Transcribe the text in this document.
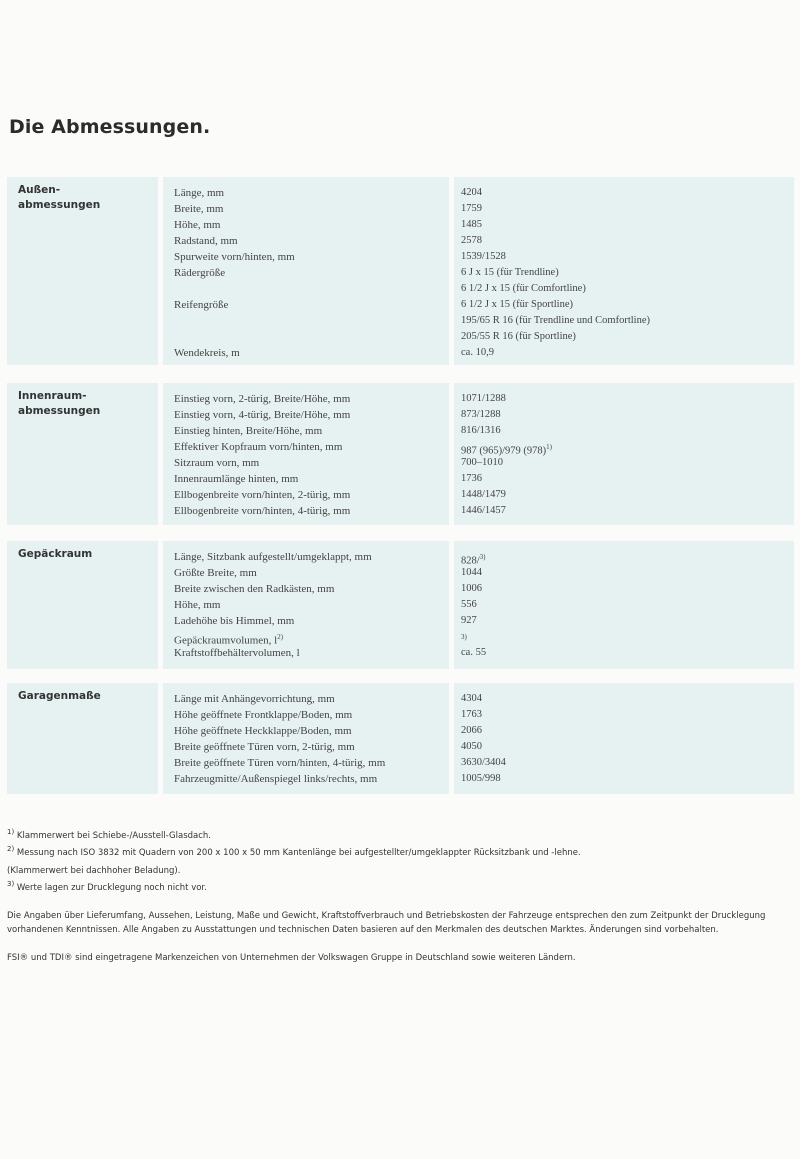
Die Abmessungen.
Außen-
abmessungen
Länge, mm	4204
Breite, mm	1759
Höhe, mm	1485
Radstand, mm	2578
Spurweite vorn/hinten, mm	1539/1528
Rädergröße	6 J x 15 (für Trendline)
6 1/2 J x 15 (für Comfortline)
Reifengröße	6 1/2 J x 15 (für Sportline)
195/65 R 16 (für Trendline und Comfortline)
205/55 R 16 (für Sportline)
Wendekreis, m	ca. 10,9
Innenraum-
abmessungen
Einstieg vorn, 2-türig, Breite/Höhe, mm	1071/1288
Einstieg vorn, 4-türig, Breite/Höhe, mm	873/1288
Einstieg hinten, Breite/Höhe, mm	816/1316
Effektiver Kopfraum vorn/hinten, mm	987 (965)/979 $(978)^{1)}$
Sitzraum vorn, mm	700–1010
Innenraumlänge hinten, mm	1736
Ellbogenbreite vorn/hinten, 2-türig, mm	1448/1479
Ellbogenbreite vorn/hinten, 4-türig, mm	1446/1457
Gepäckraum	Länge, Sitzbank aufgestellt/umgeklappt, mm	828/$^{3)}$
Größte Breite, mm	1044
Breite zwischen den Radkästen, mm	1006
Höhe, mm	556
Ladehöhe bis Himmel, mm	927
Gepäckraumvolumen, $l^{2)}$	$^{3)}$
Kraftstoffbehältervolumen, l	ca. 55
Garagenmaße	Länge mit Anhängevorrichtung, mm	4304
Höhe geöffnete Frontklappe/Boden, mm	1763
Höhe geöffnete Heckklappe/Boden, mm	2066
Breite geöffnete Türen vorn, 2-türig, mm	4050
Breite geöffnete Türen vorn/hinten, 4-türig, mm	3630/3404
Fahrzeugmitte/Außenspiegel links/rechts, mm	1005/998
$^{1)}$ Klammerwert bei Schiebe-/Ausstell-Glasdach.
$^{2)}$ Messung nach ISO 3832 mit Quadern von 200 x 100 x 50 mm Kantenlänge bei aufgestellter/umgeklappter Rücksitzbank und -lehne.
(Klammerwert bei dachhoher Beladung).
$^{3)}$ Werte lagen zur Drucklegung noch nicht vor.
Die Angaben über Lieferumfang, Aussehen, Leistung, Maße und Gewicht, Kraftstoffverbrauch und Betriebskosten der Fahrzeuge entsprechen den zum Zeitpunkt der Drucklegung vorhandenen Kenntnissen. Alle Angaben zu Ausstattungen und technischen Daten basieren auf den Merkmalen des deutschen Marktes. Änderungen sind vorbehalten.
FSI® und TDI® sind eingetragene Markenzeichen von Unternehmen der Volkswagen Gruppe in Deutschland sowie weiteren Ländern.
